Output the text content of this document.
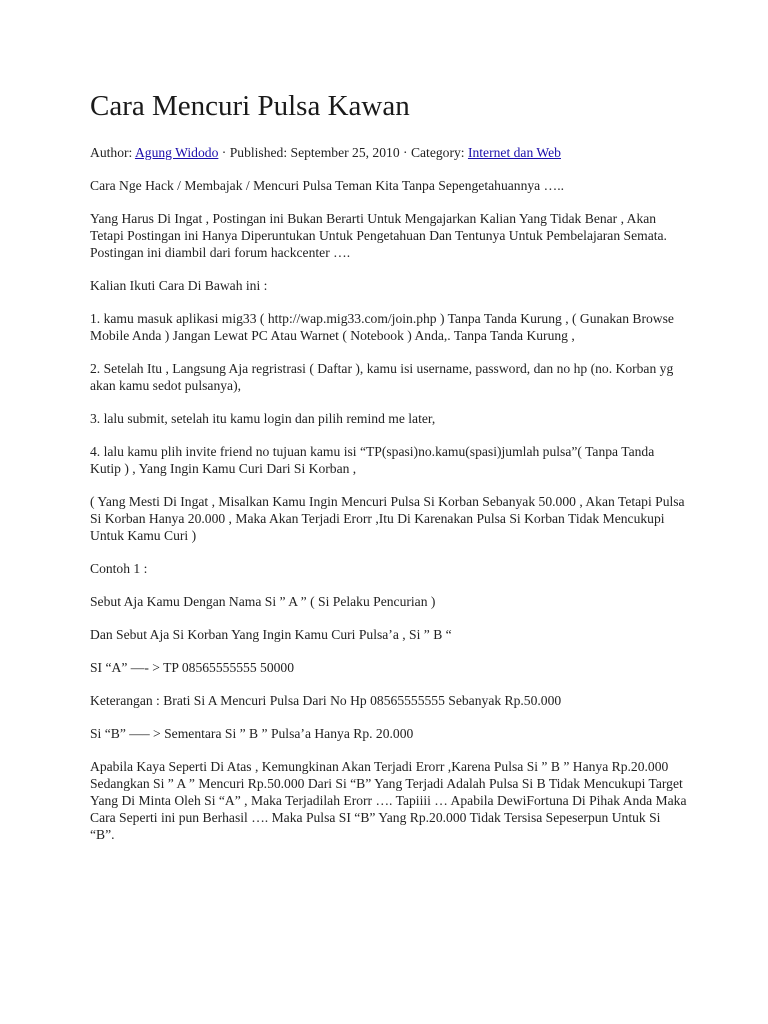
Cara Mencuri Pulsa Kawan
Author: Agung Widodo · Published: September 25, 2010 · Category: Internet dan Web

Cara Nge Hack / Membajak / Mencuri Pulsa Teman Kita Tanpa Sepengetahuannya …..

Yang Harus Di Ingat , Postingan ini Bukan Berarti Untuk Mengajarkan Kalian Yang Tidak Benar , Akan Tetapi Postingan ini Hanya Diperuntukan Untuk Pengetahuan Dan Tentunya Untuk Pembelajaran Semata. Postingan ini diambil dari forum hackcenter ….

Kalian Ikuti Cara Di Bawah ini :

1. kamu masuk aplikasi mig33 ( http://wap.mig33.com/join.php ) Tanpa Tanda Kurung , ( Gunakan Browse Mobile Anda ) Jangan Lewat PC Atau Warnet ( Notebook ) Anda,. Tanpa Tanda Kurung ,

2. Setelah Itu , Langsung Aja regristrasi ( Daftar ), kamu isi username, password, dan no hp (no. Korban yg akan kamu sedot pulsanya),

3. lalu submit, setelah itu kamu login dan pilih remind me later,

4. lalu kamu plih invite friend no tujuan kamu isi “TP(spasi)no.kamu(spasi)jumlah pulsa”( Tanpa Tanda Kutip ) , Yang Ingin Kamu Curi Dari Si Korban ,

( Yang Mesti Di Ingat , Misalkan Kamu Ingin Mencuri Pulsa Si Korban Sebanyak 50.000 , Akan Tetapi Pulsa Si Korban Hanya 20.000 , Maka Akan Terjadi Erorr ,Itu Di Karenakan Pulsa Si Korban Tidak Mencukupi Untuk Kamu Curi )

Contoh 1 :

Sebut Aja Kamu Dengan Nama Si ” A ” ( Si Pelaku Pencurian )

Dan Sebut Aja Si Korban Yang Ingin Kamu Curi Pulsa’a , Si ” B “

SI “A” —- > TP 08565555555 50000

Keterangan : Brati Si A Mencuri Pulsa Dari No Hp 08565555555 Sebanyak Rp.50.000

Si “B” —– > Sementara Si ” B ” Pulsa’a Hanya Rp. 20.000

Apabila Kaya Seperti Di Atas , Kemungkinan Akan Terjadi Erorr ,Karena Pulsa Si ” B ” Hanya Rp.20.000 Sedangkan Si ” A ” Mencuri Rp.50.000 Dari Si “B” Yang Terjadi Adalah Pulsa Si B Tidak Mencukupi Target Yang Di Minta Oleh Si “A” , Maka Terjadilah Erorr …. Tapiiii … Apabila DewiFortuna Di Pihak Anda Maka Cara Seperti ini pun Berhasil …. Maka Pulsa SI “B” Yang Rp.20.000 Tidak Tersisa Sepeserpun Untuk Si “B”.
